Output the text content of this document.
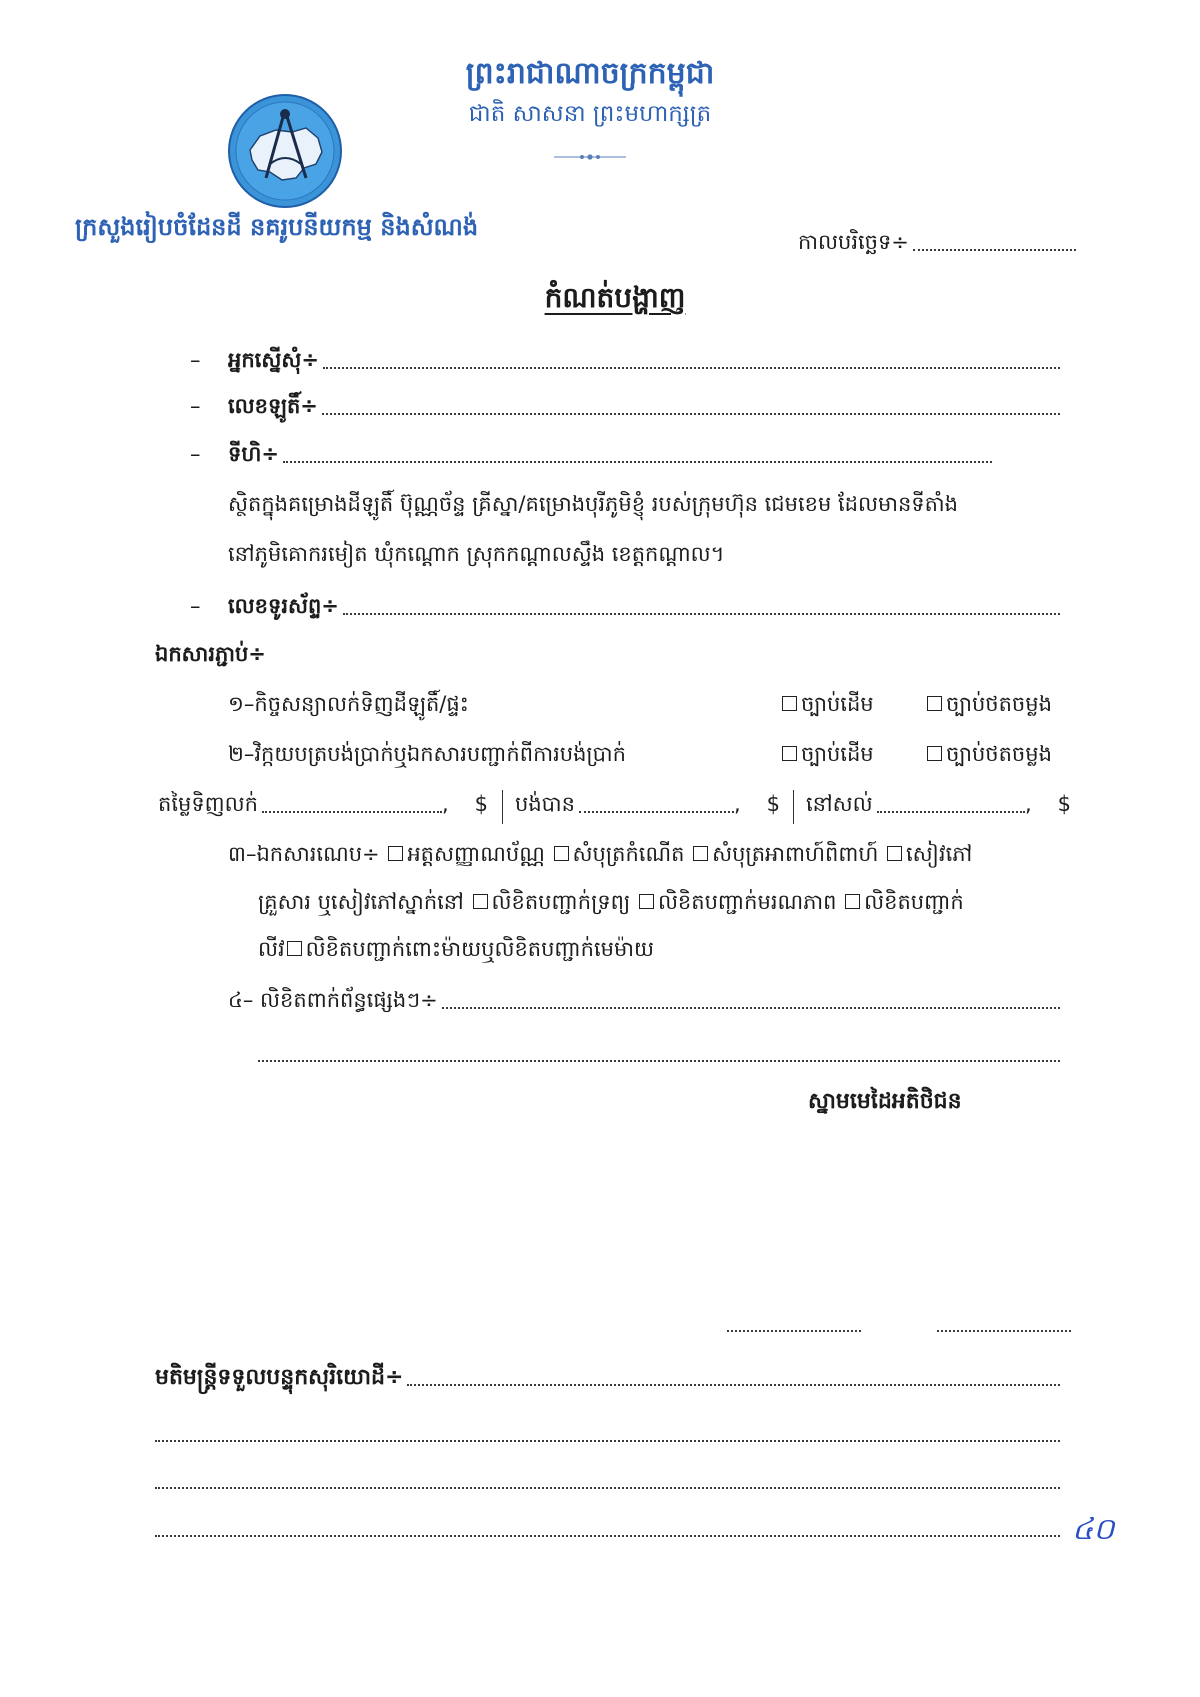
ព្រះរាជាណាចក្រកម្ពុជា
ជាតិ សាសនា ព្រះមហាក្សត្រ
ក្រសួងរៀបចំដែនដី នគរូបនីយកម្ម និងសំណង់
កាលបរិច្ឆេទ÷
កំណត់បង្ហាញ
–	អ្នកស្នើសុំ÷
–	លេខឡូតិ៍÷
–	ទីហិ÷
ស្ថិតក្នុងគម្រោងដីឡូតិ៍ ប៊ុណ្ណច័ន្ទ គ្រីស្នា/គម្រោងបុរីភូមិខ្ញុំ របស់ក្រុមហ៊ុន ជេមខេម ដែលមានទីតាំង
នៅភូមិគោករមៀត ឃុំកណ្ដោក ស្រុកកណ្ដាលស្ទឹង ខេត្តកណ្ដាល។
–	លេខទូរស័ព្ទ÷
ឯកសារភ្ជាប់÷
១–កិច្ចសន្យាលក់ទិញដីឡូតិ៍/ផ្ទះ	ច្បាប់ដើម	ច្បាប់ថតចម្លង
២–វិក្កយបត្របង់ប្រាក់ឬឯកសារបញ្ជាក់ពីការបង់ប្រាក់	ច្បាប់ដើម	ច្បាប់ថតចម្លង
តម្លៃទិញលក់	, $ បង់បាន	, $ នៅសល់	, $
៣–ឯកសារណេប÷ អត្តសញ្ញាណប័ណ្ណ សំបុត្រកំណើត សំបុត្រអាពាហ៍ពិពាហ៍ សៀវភៅ
គ្រួសារ ឬសៀវភៅស្នាក់នៅ លិខិតបញ្ជាក់ទ្រព្យ លិខិតបញ្ជាក់មរណភាព លិខិតបញ្ជាក់
លីវ លិខិតបញ្ជាក់ពោះម៉ាយឬលិខិតបញ្ជាក់មេម៉ាយ
៤– លិខិតពាក់ព័ន្ធផ្សេងៗ÷
ស្នាមមេដៃអតិថិជន
មតិមន្ត្រីទទួលបន្ទុកសុរិយោដី÷
៤០
